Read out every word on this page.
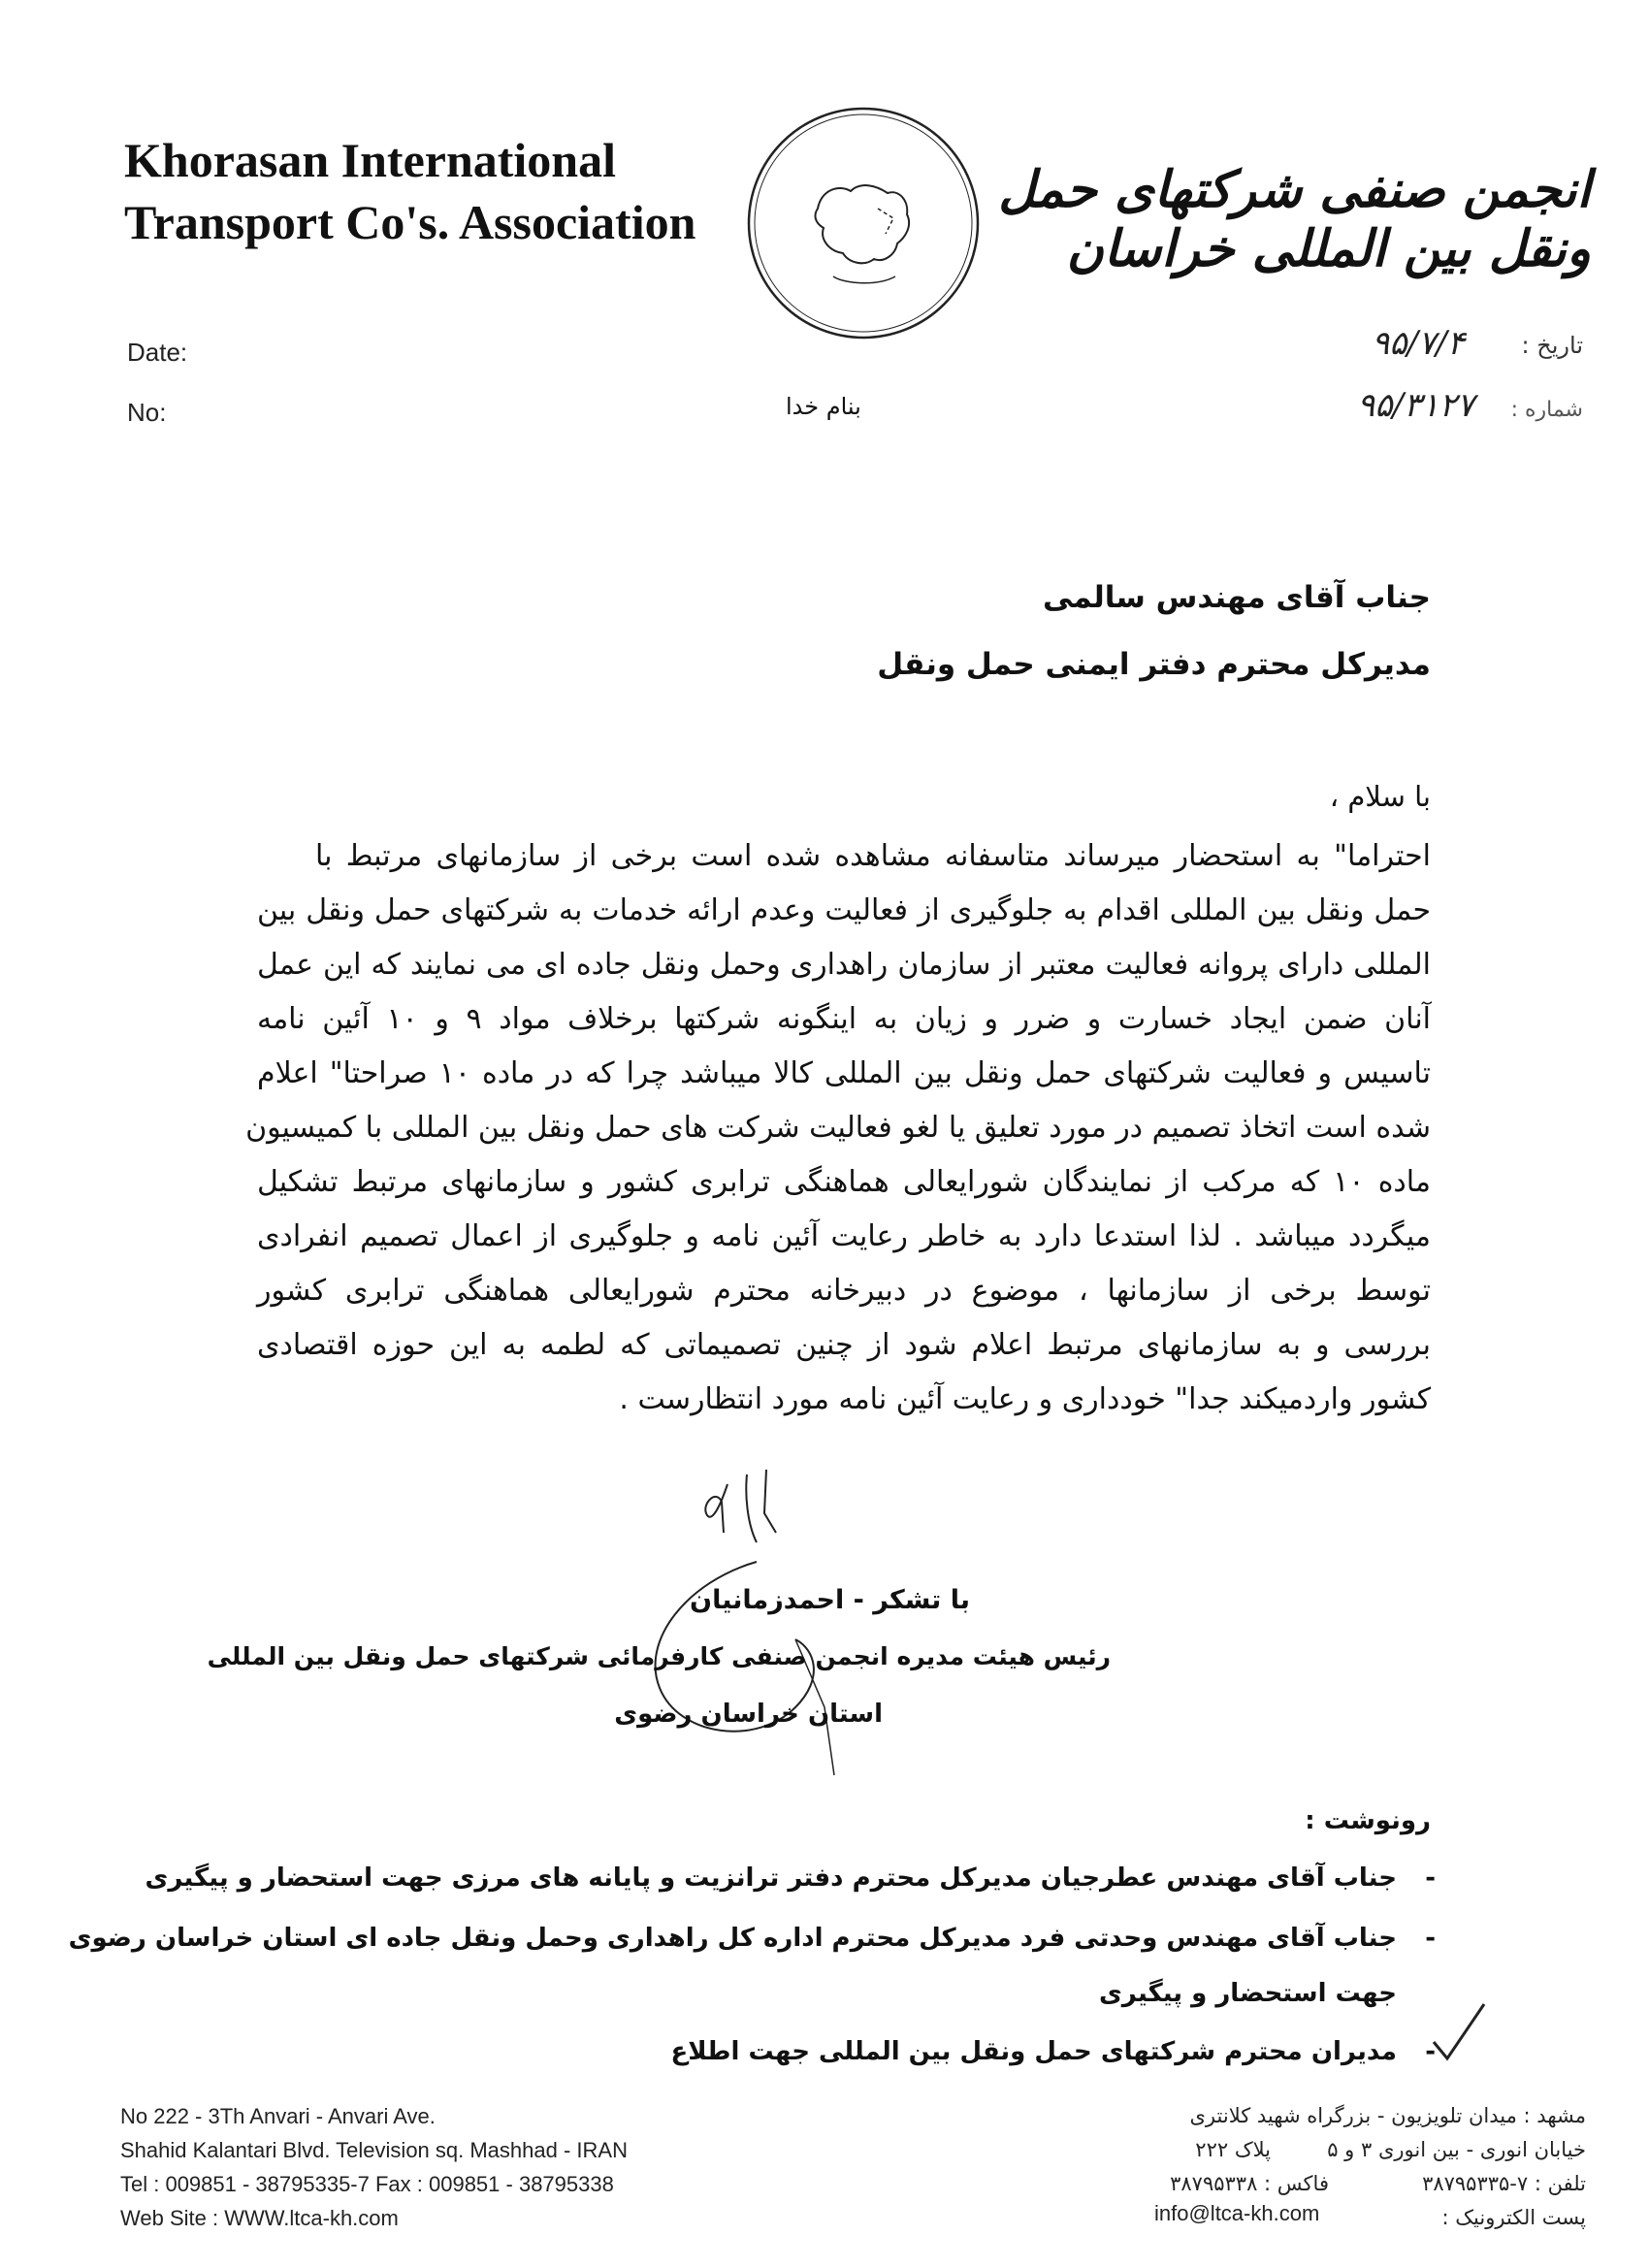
Khorasan International
Transport Co's. Association
انجمن صنفی شرکتهای حمل ونقل بین المللی خراسان
Date:
No:
تاریخ :
۹۵/۷/۴
شماره :
۹۵/۳۱۲۷
بنام خدا
جناب آقای مهندس سالمی
مدیرکل محترم دفتر ایمنی حمل ونقل
با سلام ،
احتراما" به استحضار میرساند متاسفانه مشاهده شده است برخی از سازمانهای مرتبط با
حمل ونقل بین المللی اقدام به جلوگیری از فعالیت وعدم ارائه خدمات به شرکتهای حمل ونقل بین
المللی دارای پروانه فعالیت معتبر از سازمان راهداری وحمل ونقل جاده ای می نمایند که این عمل
آنان ضمن ایجاد خسارت و ضرر و زیان به اینگونه شرکتها برخلاف مواد ۹ و ۱۰ آئین نامه
تاسیس و فعالیت شرکتهای حمل ونقل بین المللی کالا میباشد چرا که در ماده ۱۰ صراحتا" اعلام
شده است اتخاذ تصمیم در مورد تعلیق یا لغو فعالیت شرکت های حمل ونقل بین المللی با کمیسیون
ماده ۱۰ که مرکب از نمایندگان شورایعالی هماهنگی ترابری کشور و سازمانهای مرتبط تشکیل
میگردد میباشد . لذا استدعا دارد به خاطر رعایت آئین نامه و جلوگیری از اعمال تصمیم انفرادی
توسط برخی از سازمانها ، موضوع در دبیرخانه محترم شورایعالی هماهنگی ترابری کشور
بررسی و به سازمانهای مرتبط اعلام شود از چنین تصمیماتی که لطمه به این حوزه اقتصادی
کشور واردمیکند جدا" خودداری و رعایت آئین نامه مورد انتظارست .
با تشکر - احمدزمانیان
رئیس هیئت مدیره انجمن صنفی کارفرمائی شرکتهای حمل ونقل بین المللی
استان خراسان رضوی
رونوشت :
-
جناب آقای مهندس عطرجیان مدیرکل محترم دفتر ترانزیت و پایانه های مرزی جهت استحضار و پیگیری
-
جناب آقای مهندس وحدتی فرد مدیرکل محترم اداره کل راهداری وحمل ونقل جاده ای استان خراسان رضوی
جهت استحضار و پیگیری
-
مدیران محترم شرکتهای حمل ونقل بین المللی جهت اطلاع
No 222 - 3Th Anvari - Anvari Ave.
Shahid Kalantari Blvd. Television sq. Mashhad - IRAN
Tel : 009851 - 38795335-7 Fax : 009851 - 38795338
Web Site : WWW.ltca-kh.com
مشهد : میدان تلویزیون - بزرگراه شهید کلانتری
خیابان انوری - بین انوری ۳ و ۵
پلاک ۲۲۲
تلفن : ۷-۳۸۷۹۵۳۳۵
فاکس : ۳۸۷۹۵۳۳۸
پست الکترونیک :
info@ltca-kh.com
